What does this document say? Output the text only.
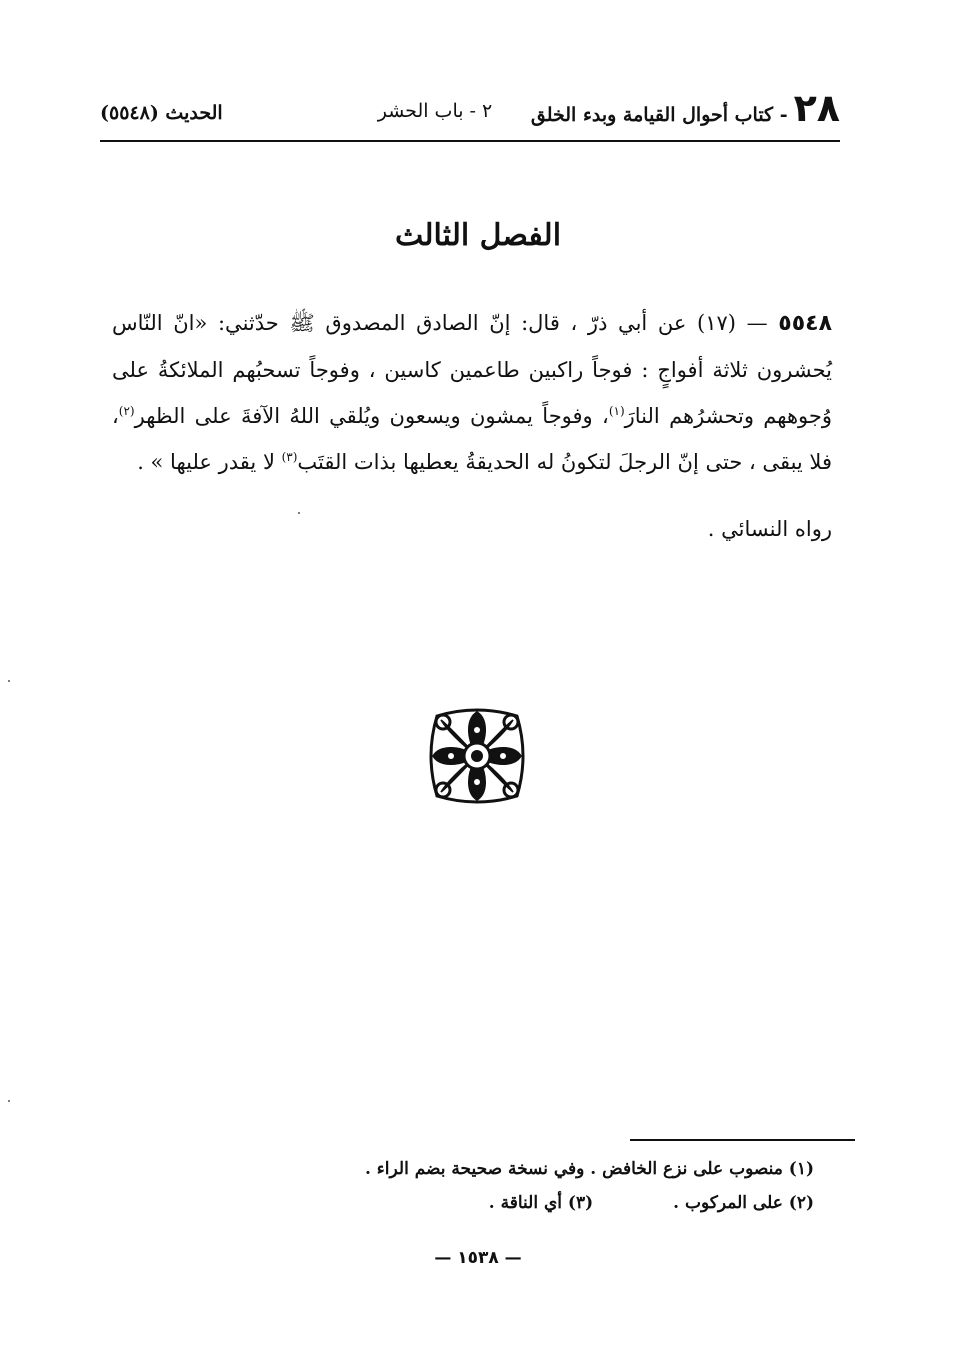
٢٨
- كتاب أحوال القيامة وبدء الخلق
٢ - باب الحشر
الحديث (٥٥٤٨)
الفصل الثالث
٥٥٤٨ — (١٧) عن أبي ذرّ ، قال: إنّ الصادق المصدوق ﷺ حدّثني: «انّ النّاس يُحشرون ثلاثة أفواجٍ : فوجاً راكبين طاعمين كاسين ، وفوجاً تسحبُهم الملائكةُ على وُجوههم وتحشرُهم النارَ$^{(١)}$، وفوجاً يمشون ويسعون ويُلقي اللهُ الآفةَ على الظهر$^{(٢)}$، فلا يبقى ، حتى إنّ الرجلَ لتكونُ له الحديقةُ يعطيها بذات القتَب$^{(٣)}$ لا يقدر عليها » .
رواه النسائي .
(١) منصوب على نزع الخافض . وفي نسخة صحيحة بضم الراء .
(٢) على المركوب .
(٣) أي الناقة .
— ١٥٣٨ —
